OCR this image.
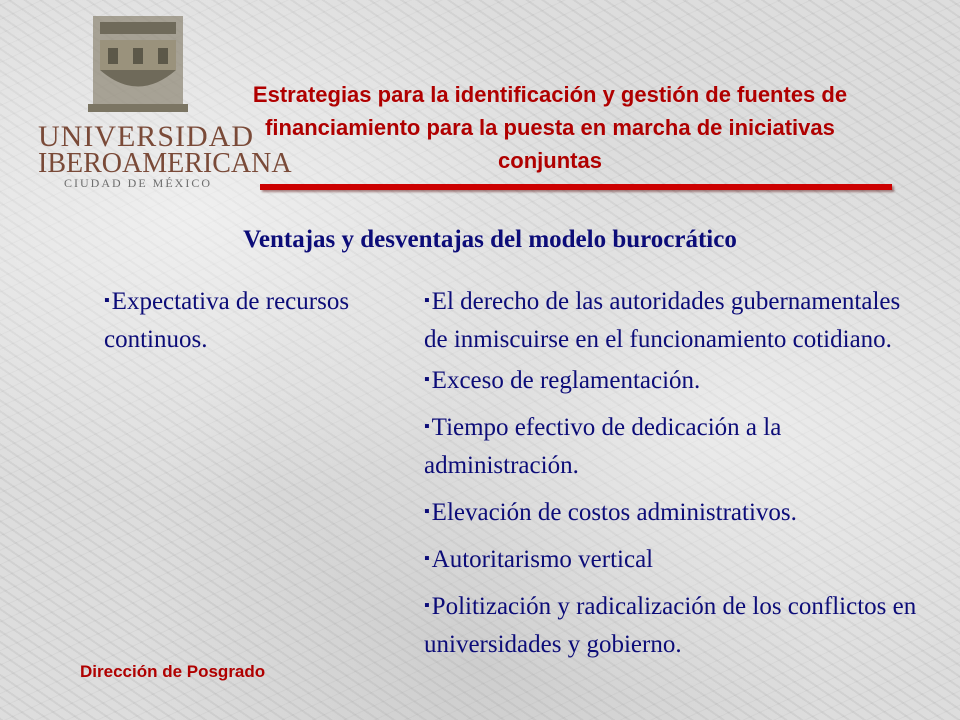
UNIVERSIDAD
IBEROAMERICANA
CIUDAD DE MÉXICO
Estrategias para la identificación y gestión de fuentes de financiamiento para la puesta en marcha de iniciativas conjuntas
Ventajas y desventajas del modelo burocrático
▪Expectativa de recursos continuos.
▪El derecho de las autoridades gubernamentales de inmiscuirse en el funcionamiento cotidiano.
▪Exceso de reglamentación.
▪Tiempo efectivo de dedicación a la administración.
▪Elevación de costos administrativos.
▪Autoritarismo vertical
▪Politización y radicalización de los conflictos en universidades y gobierno.
Dirección de Posgrado
